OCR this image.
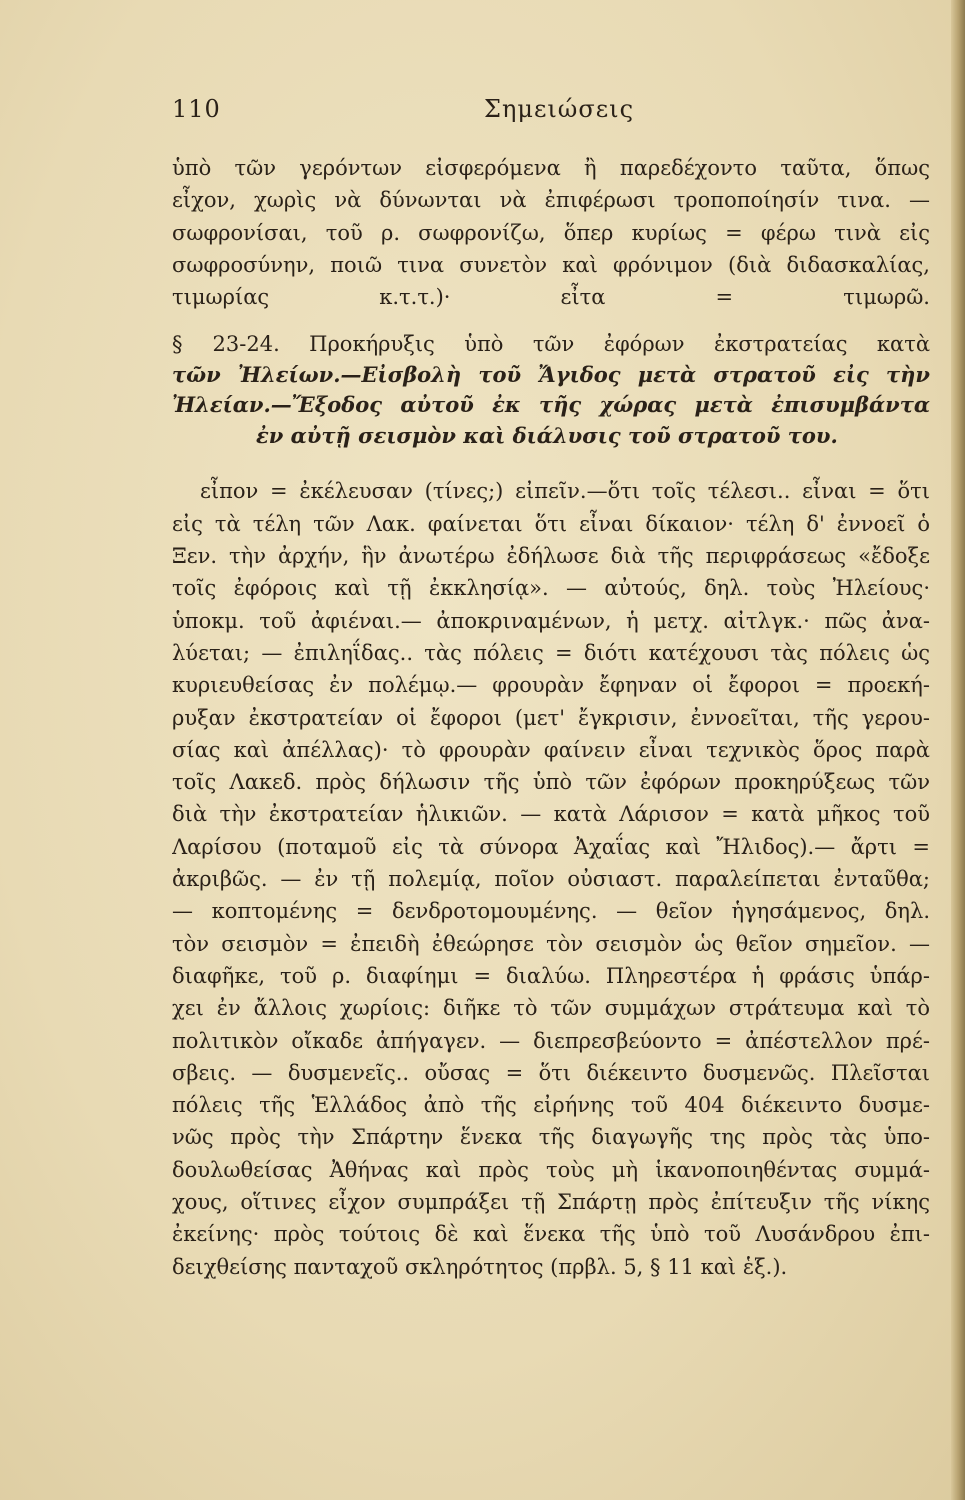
110	Σημειώσεις
ὑπὸ τῶν γερόντων εἰσφερόμενα ἢ παρεδέχοντο ταῦτα, ὅπως
εἶχον, χωρὶς νὰ δύνωνται νὰ ἐπιφέρωσι τροποποίησίν τινα. —
σωφρονίσαι, τοῦ ρ. σωφρονίζω, ὅπερ κυρίως = φέρω τινὰ εἰς
σωφροσύνην, ποιῶ τινα συνετὸν καὶ φρόνιμον (διὰ διδασκαλίας,
τιμωρίας κ.τ.τ.)· εἶτα = τιμωρῶ.
§ 23-24. Προκήρυξις ὑπὸ τῶν ἐφόρων ἐκστρατείας κατὰ
τῶν Ἠλείων.—Εἰσβολὴ τοῦ Ἄγιδος μετὰ στρατοῦ εἰς τὴν
Ἠλείαν.—Ἔξοδος αὐτοῦ ἐκ τῆς χώρας μετὰ ἐπισυμβάντα
ἐν αὐτῇ σεισμὸν καὶ διάλυσις τοῦ στρατοῦ του.
εἶπον = ἐκέλευσαν (τίνες;) εἰπεῖν.—ὅτι τοῖς τέλεσι.. εἶναι = ὅτι
εἰς τὰ τέλη τῶν Λακ. φαίνεται ὅτι εἶναι δίκαιον· τέλη δ' ἐννοεῖ ὁ
Ξεν. τὴν ἀρχήν, ἣν ἀνωτέρω ἐδήλωσε διὰ τῆς περιφράσεως «ἔδοξε
τοῖς ἐφόροις καὶ τῇ ἐκκλησίᾳ». — αὐτούς, δηλ. τοὺς Ἠλείους·
ὑποκμ. τοῦ ἀφιέναι.— ἀποκριναμένων, ἡ μετχ. αἰτλγκ.· πῶς ἀνα-
λύεται; — ἐπιληΐδας.. τὰς πόλεις = διότι κατέχουσι τὰς πόλεις ὡς
κυριευθείσας ἐν πολέμῳ.— φρουρὰν ἔφηναν οἱ ἔφοροι = προεκή-
ρυξαν ἐκστρατείαν οἱ ἔφοροι (μετ' ἔγκρισιν, ἐννοεῖται, τῆς γερου-
σίας καὶ ἀπέλλας)· τὸ φρουρὰν φαίνειν εἶναι τεχνικὸς ὅρος παρὰ
τοῖς Λακεδ. πρὸς δήλωσιν τῆς ὑπὸ τῶν ἐφόρων προκηρύξεως τῶν
διὰ τὴν ἐκστρατείαν ἡλικιῶν. — κατὰ Λάρισον = κατὰ μῆκος τοῦ
Λαρίσου (ποταμοῦ εἰς τὰ σύνορα Ἀχαΐας καὶ Ἤλιδος).— ἄρτι =
ἀκριβῶς. — ἐν τῇ πολεμίᾳ, ποῖον οὐσιαστ. παραλείπεται ἐνταῦθα;
— κοπτομένης = δενδροτομουμένης. — θεῖον ἡγησάμενος, δηλ.
τὸν σεισμὸν = ἐπειδὴ ἐθεώρησε τὸν σεισμὸν ὡς θεῖον σημεῖον. —
διαφῆκε, τοῦ ρ. διαφίημι = διαλύω. Πληρεστέρα ἡ φράσις ὑπάρ-
χει ἐν ἄλλοις χωρίοις: διῆκε τὸ τῶν συμμάχων στράτευμα καὶ τὸ
πολιτικὸν οἴκαδε ἀπήγαγεν. — διεπρεσβεύοντο = ἀπέστελλον πρέ-
σβεις. — δυσμενεῖς.. οὔσας = ὅτι διέκειντο δυσμενῶς. Πλεῖσται
πόλεις τῆς Ἑλλάδος ἀπὸ τῆς εἰρήνης τοῦ 404 διέκειντο δυσμε-
νῶς πρὸς τὴν Σπάρτην ἕνεκα τῆς διαγωγῆς της πρὸς τὰς ὑπο-
δουλωθείσας Ἀθήνας καὶ πρὸς τοὺς μὴ ἱκανοποιηθέντας συμμά-
χους, οἵτινες εἶχον συμπράξει τῇ Σπάρτῃ πρὸς ἐπίτευξιν τῆς νίκης
ἐκείνης· πρὸς τούτοις δὲ καὶ ἕνεκα τῆς ὑπὸ τοῦ Λυσάνδρου ἐπι-
δειχθείσης πανταχοῦ σκληρότητος (πρβλ. 5, § 11 καὶ ἑξ.).
